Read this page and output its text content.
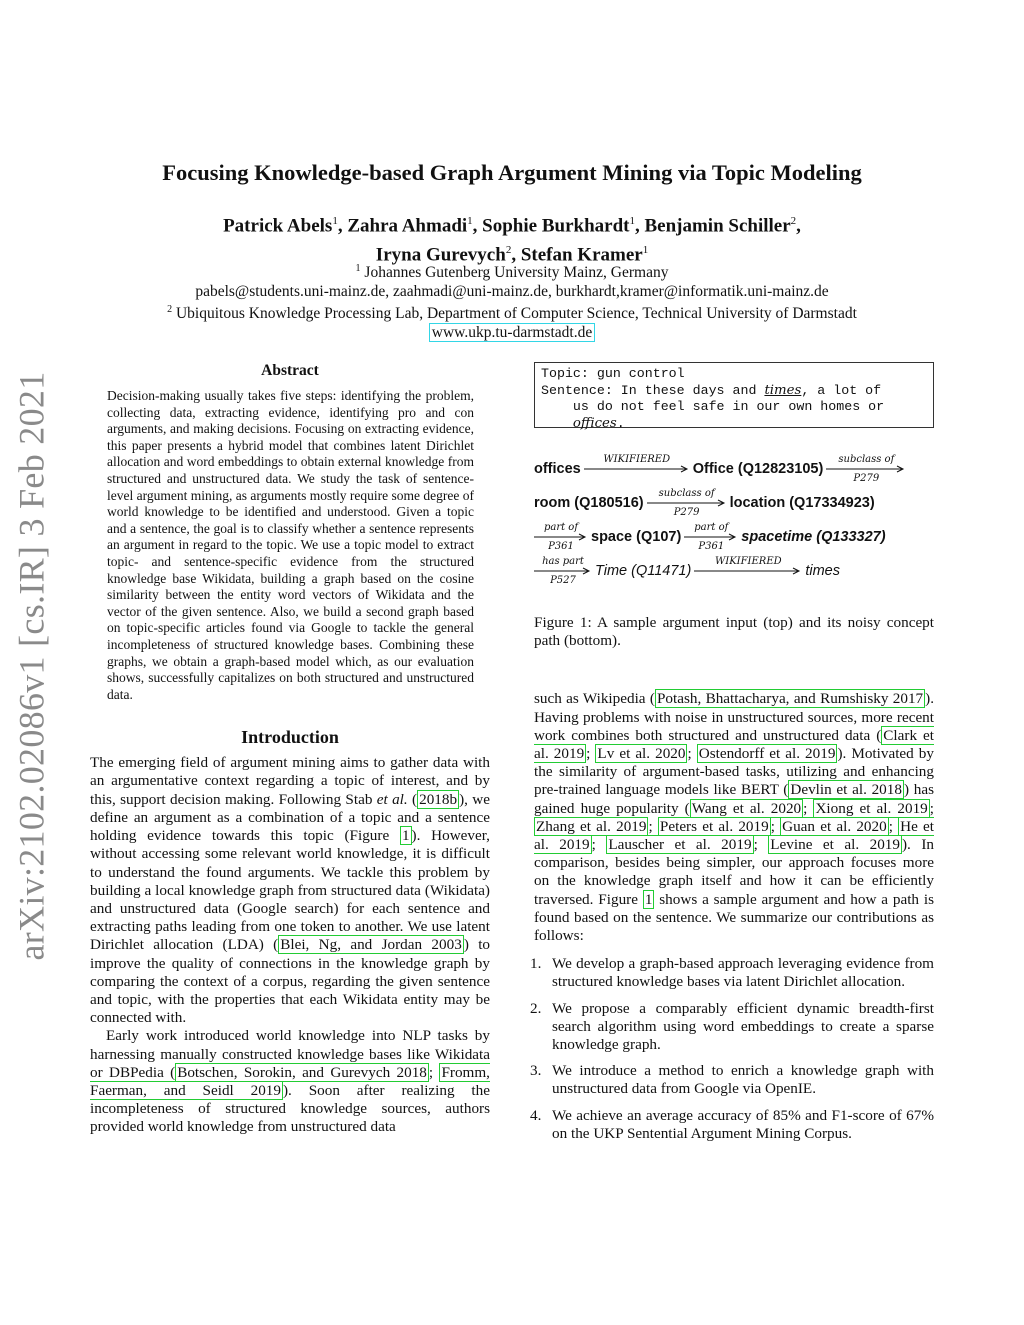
arXiv:2102.02086v1 [cs.IR] 3 Feb 2021
Focusing Knowledge-based Graph Argument Mining via Topic Modeling
Patrick Abels$^1$, Zahra Ahmadi$^1$, Sophie Burkhardt$^1$, Benjamin Schiller$^2$,
Iryna Gurevych$^2$, Stefan Kramer$^1$
$^1$ Johannes Gutenberg University Mainz, Germany
pabels@students.uni-mainz.de, zaahmadi@uni-mainz.de, burkhardt,kramer@informatik.uni-mainz.de
$^2$ Ubiquitous Knowledge Processing Lab, Department of Computer Science, Technical University of Darmstadt
www.ukp.tu-darmstadt.de
Abstract

Decision-making usually takes five steps: identifying the problem, collecting data, extracting evidence, identifying pro and con arguments, and making decisions. Focusing on extracting evidence, this paper presents a hybrid model that combines latent Dirichlet allocation and word embeddings to obtain external knowledge from structured and unstructured data. We study the task of sentence-level argument mining, as arguments mostly require some degree of world knowledge to be identified and understood. Given a topic and a sentence, the goal is to classify whether a sentence represents an argument in regard to the topic. We use a topic model to extract topic- and sentence-specific evidence from the structured knowledge base Wikidata, building a graph based on the cosine similarity between the entity word vectors of Wikidata and the vector of the given sentence. Also, we build a second graph based on topic-specific articles found via Google to tackle the general incompleteness of structured knowledge bases. Combining these graphs, we obtain a graph-based model which, as our evaluation shows, successfully capitalizes on both structured and unstructured data.

Introduction

The emerging field of argument mining aims to gather data with an argumentative context regarding a topic of interest, and by this, support decision making. Following Stab et al. ( 2018b ), we define an argument as a combination of a topic and a sentence holding evidence towards this topic (Figure 1 ). However, without accessing some relevant world knowledge, it is difficult to understand the found arguments. We tackle this problem by building a local knowledge graph from structured data (Wikidata) and unstructured data (Google search) for each sentence and extracting paths leading from one token to another. We use latent Dirichlet allocation (LDA) ( Blei, Ng, and Jordan 2003 ) to improve the quality of connections in the knowledge graph by comparing the context of a corpus, regarding the given sentence and topic, with the properties that each Wikidata entity may be connected with.

Early work introduced world knowledge into NLP tasks by harnessing manually constructed knowledge bases like Wikidata or DBPedia ( Botschen, Sorokin, and Gurevych 2018 ; Fromm, Faerman, and Seidl 2019 ). Soon after realizing the incompleteness of structured knowledge sources, authors provided world knowledge from unstructured data

Topic: gun control
Sentence: In these days and times, a lot of
us do not feel safe in our own homes or
offices.
offices
WIKIFIERED
Office (Q12823105)
subclass of
P279
room (Q180516)
subclass of
P279
location (Q17334923)
part of
P361
space (Q107)
part of
P361
spacetime (Q133327)
has part
P527
Time (Q11471)
WIKIFIERED
times

Figure 1: A sample argument input (top) and its noisy concept path (bottom).

such as Wikipedia ( Potash, Bhattacharya, and Rumshisky 2017 ). Having problems with noise in unstructured sources, more recent work combines both structured and unstructured data ( Clark et al. 2019 ; Lv et al. 2020 ; Ostendorff et al. 2019 ). Motivated by the similarity of argument-based tasks, utilizing and enhancing pre-trained language models like BERT ( Devlin et al. 2018 ) has gained huge popularity ( Wang et al. 2020 ; Xiong et al. 2019 ; Zhang et al. 2019 ; Peters et al. 2019 ; Guan et al. 2020 ; He et al. 2019 ; Lauscher et al. 2019 ; Levine et al. 2019 ). In comparison, besides being simpler, our approach focuses more on the knowledge graph itself and how it can be efficiently traversed. Figure 1 shows a sample argument and how a path is found based on the sentence. We summarize our contributions as follows:

1. We develop a graph-based approach leveraging evidence from structured knowledge bases via latent Dirichlet allocation.
2. We propose a comparably efficient dynamic breadth-first search algorithm using word embeddings to create a sparse knowledge graph.
3. We introduce a method to enrich a knowledge graph with unstructured data from Google via OpenIE.
4. We achieve an average accuracy of 85% and F1-score of 67% on the UKP Sentential Argument Mining Corpus.
